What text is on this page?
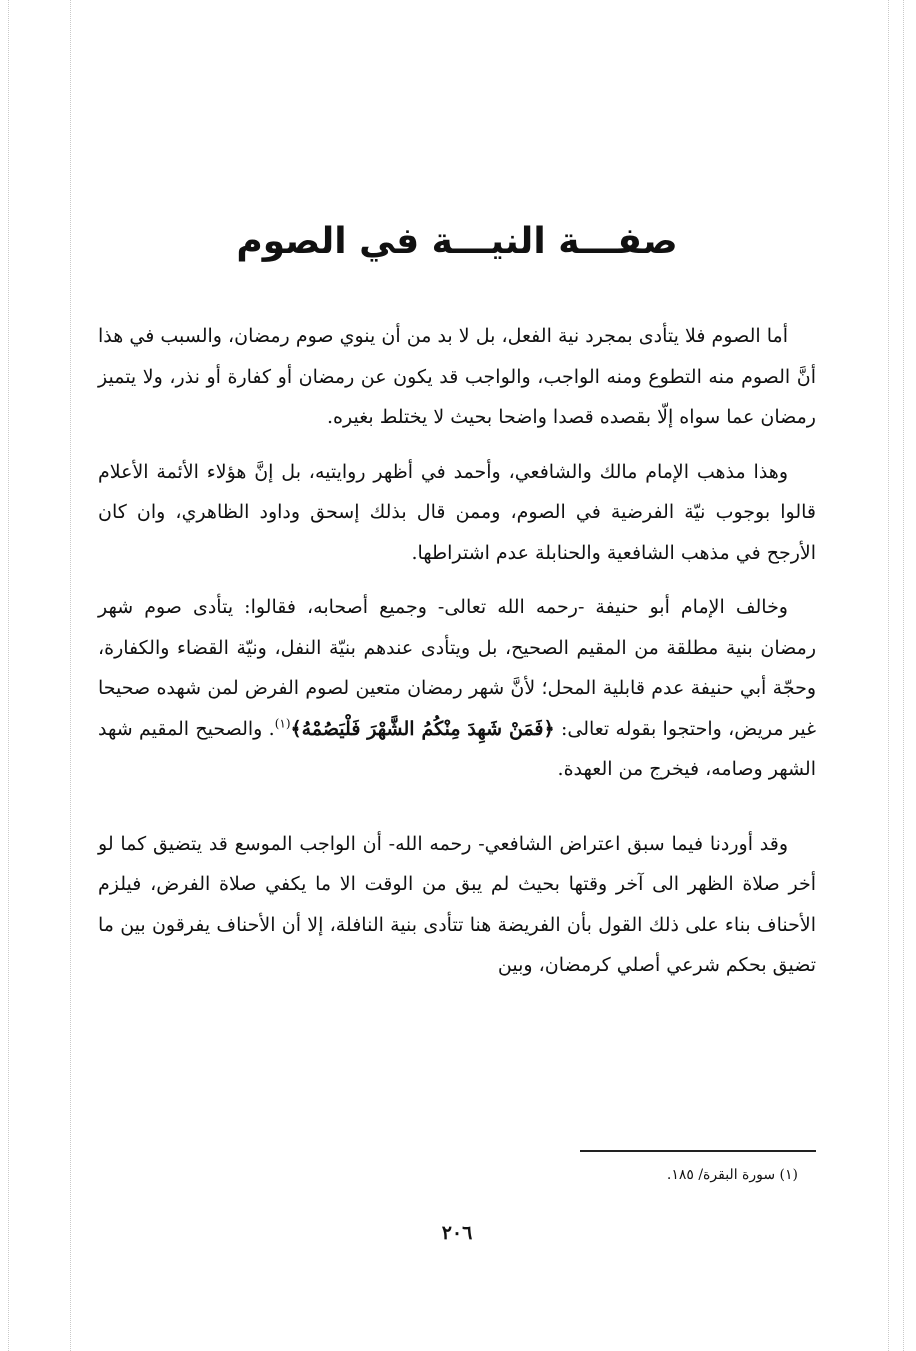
صفـــة النيـــة في الصوم

أما الصوم فلا يتأدى بمجرد نية الفعل، بل لا بد من أن ينوي صوم رمضان، والسبب في هذا أنَّ الصوم منه التطوع ومنه الواجب، والواجب قد يكون عن رمضان أو كفارة أو نذر، ولا يتميز رمضان عما سواه إلّا بقصده قصدا واضحا بحيث لا يختلط بغيره.

وهذا مذهب الإمام مالك والشافعي، وأحمد في أظهر روايتيه، بل إنَّ هؤلاء الأئمة الأعلام قالوا بوجوب نيّة الفرضية في الصوم، وممن قال بذلك إسحق وداود الظاهري، وان كان الأرجح في مذهب الشافعية والحنابلة عدم اشتراطها.

وخالف الإمام أبو حنيفة -رحمه الله تعالى- وجميع أصحابه، فقالوا: يتأدى صوم شهر رمضان بنية مطلقة من المقيم الصحيح، بل ويتأدى عندهم بنيّة النفل، ونيّة القضاء والكفارة، وحجّة أبي حنيفة عدم قابلية المحل؛ لأنَّ شهر رمضان متعين لصوم الفرض لمن شهده صحيحا غير مريض، واحتجوا بقوله تعالى: ﴿فَمَنْ شَهِدَ مِنْكُمُ الشَّهْرَ فَلْيَصُمْهُ﴾$^{(١)}$. والصحيح المقيم شهد الشهر وصامه، فيخرج من العهدة.

وقد أوردنا فيما سبق اعتراض الشافعي- رحمه الله- أن الواجب الموسع قد يتضيق كما لو أخر صلاة الظهر الى آخر وقتها بحيث لم يبق من الوقت الا ما يكفي صلاة الفرض، فيلزم الأحناف بناء على ذلك القول بأن الفريضة هنا تتأدى بنية النافلة، إلا أن الأحناف يفرقون بين ما تضيق بحكم شرعي أصلي كرمضان، وبين

(١) سورة البقرة/ ١٨٥.

٢٠٦
